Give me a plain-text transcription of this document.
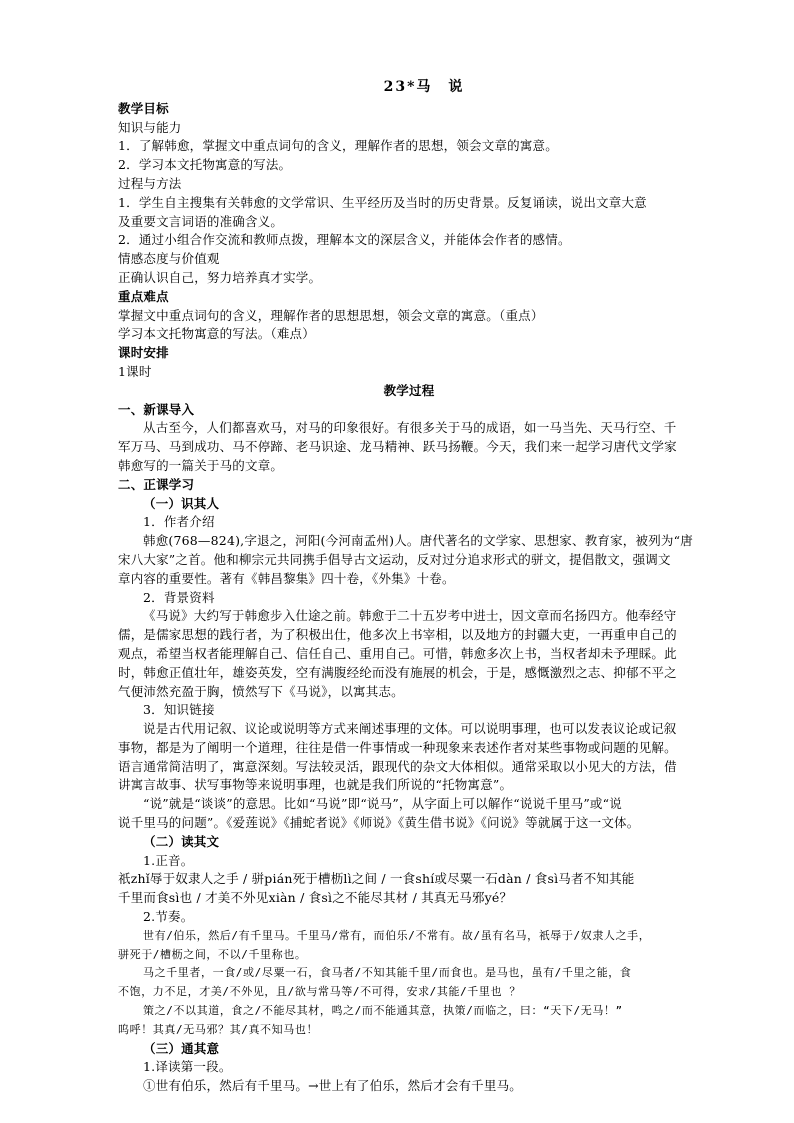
23*马　说
教学目标
知识与能力
1．了解韩愈，掌握文中重点词句的含义，理解作者的思想，领会文章的寓意。
2．学习本文托物寓意的写法。
过程与方法
1．学生自主搜集有关韩愈的文学常识、生平经历及当时的历史背景。反复诵读，说出文章大意
及重要文言词语的准确含义。
2．通过小组合作交流和教师点拨，理解本文的深层含义，并能体会作者的感情。
情感态度与价值观
正确认识自己，努力培养真才实学。
重点难点
掌握文中重点词句的含义，理解作者的思想思想，领会文章的寓意。（重点）
学习本文托物寓意的写法。（难点）
课时安排
1课时
教学过程
一、新课导入
从古至今，人们都喜欢马，对马的印象很好。有很多关于马的成语，如一马当先、天马行空、千
军万马、马到成功、马不停蹄、老马识途、龙马精神、跃马扬鞭。今天，我们来一起学习唐代文学家
韩愈写的一篇关于马的文章。
二、正课学习
（一）识其人
1．作者介绍
韩愈(768—824),字退之，河阳(今河南孟州)人。唐代著名的文学家、思想家、教育家，被列为“唐
宋八大家”之首。他和柳宗元共同携手倡导古文运动，反对过分追求形式的骈文，提倡散文，强调文
章内容的重要性。著有《韩昌黎集》四十卷，《外集》十卷。
2．背景资料
《马说》大约写于韩愈步入仕途之前。韩愈于二十五岁考中进士，因文章而名扬四方。他奉经守
儒，是儒家思想的践行者，为了积极出仕，他多次上书宰相，以及地方的封疆大吏，一再重申自己的
观点，希望当权者能理解自己、信任自己、重用自己。可惜，韩愈多次上书，当权者却未予理睬。此
时，韩愈正值壮年，雄姿英发，空有满腹经纶而没有施展的机会，于是，感慨激烈之志、抑郁不平之
气便沛然充盈于胸，愤然写下《马说》，以寓其志。
3．知识链接
说是古代用记叙、议论或说明等方式来阐述事理的文体。可以说明事理，也可以发表议论或记叙
事物，都是为了阐明一个道理，往往是借一件事情或一种现象来表述作者对某些事物或问题的见解。
语言通常简洁明了，寓意深刻。写法较灵活，跟现代的杂文大体相似。通常采取以小见大的方法，借
讲寓言故事、状写事物等来说明事理，也就是我们所说的“托物寓意”。
“说”就是“谈谈”的意思。比如“马说”即“说马”，从字面上可以解作“说说千里马”或“说
说千里马的问题”。《爱莲说》《捕蛇者说》《师说》《黄生借书说》《问说》等就属于这一文体。
（二）读其文
1.正音。
祇zhǐ辱于奴隶人之手 / 骈pián死于槽枥lì之间 / 一食shí或尽粟一石dàn / 食sì马者不知其能
千里而食sì也 / 才美不外见xiàn / 食sì之不能尽其材 / 其真无马邪yé？
2.节奏。
世有/伯乐，然后/有千里马。千里马/常有，而伯乐/不常有。故/虽有名马，祇辱于/奴隶人之手，
骈死于/槽枥之间，不以/千里称也。
马之千里者，一食/或/尽粟一石，食马者/不知其能千里/而食也。是马也，虽有/千里之能，食
不饱，力不足，才美/不外见，且/欲与常马等/不可得，安求/其能/千里也 ？
策之/不以其道，食之/不能尽其材，鸣之/而不能通其意，执策/而临之，曰：“天下/无马！”
呜呼！其真/无马邪？其/真不知马也！
（三）通其意
1.译读第一段。
①世有伯乐，然后有千里马。→世上有了伯乐，然后才会有千里马。
